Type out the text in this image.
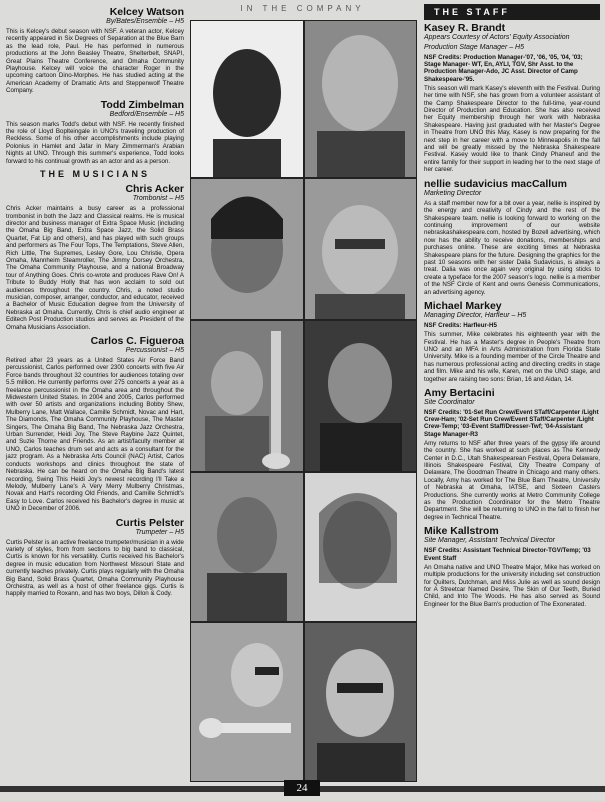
IN THE COMPANY	THE STAFF

Kelcey Watson

By/Bates/Ensemble – H5

This is Kelcey's debut season with NSF. A veteran actor, Kelcey recently appeared in Six Degrees of Separation at the Blue Barn as the lead role, Paul. He has performed in numerous productions at the John Beasley Theatre, Shelterbelt, SNAPI, Great Plains Theatre Conference, and Omaha Community Playhouse. Kelcey will voice the character Roger in the upcoming cartoon Dino-Morphes. He has studied acting at the American Academy of Dramatic Arts and Steppenwolf Theatre Company.

Todd Zimbelman

Bedford/Ensemble – H5

This season marks Todd's debut with NSF. He recently finished the role of Lloyd Boplteingale in UNO's traveling production of Reckless. Some of his other accomplishments include playing Polonius in Hamlet and Jafar in Mary Zimmerman's Arabian Nights at UNO. Through this summer's experience, Todd looks forward to his continual growth as an actor and as a person.

THE MUSICIANS

Chris Acker

Trombonist – H5

Chris Acker maintains a busy career as a professional trombonist in both the Jazz and Classical realms. He is musical director and business manager of Extra Space Music (including the Omaha Big Band, Extra Space Jazz, the Solid Brass Quartet, Fat Lip and others), and has played with such groups and performers as The Four Tops, The Temptations, Steve Allen, Rich Little, The Supremes, Lesley Gore, Lou Christie, Opera Omaha, Mannheim Steamroller, The Jimmy Dorsey Orchestra, The Omaha Community Playhouse, and a national Broadway tour of Anything Goes. Chris co-wrote and produces Rave On! A Tribute to Buddy Holly that has won acclaim to sold out audiences throughout the country. Chris, a noted studio musician, composer, arranger, conductor, and educator, received a Bachelor of Music Education degree from the University of Nebraska at Omaha. Currently, Chris is chief audio engineer at Editech Post Production studios and serves as President of the Omaha Musicians Association.

Carlos C. Figueroa

Percussionist – H5

Retired after 23 years as a United States Air Force Band percussionist, Carlos performed over 2300 concerts with five Air Force bands throughout 32 countries for audiences totaling over 5.5 million. He currently performs over 275 concerts a year as a freelance percussionist in the Omaha area and throughout the Midwestern United States. In 2004 and 2005, Carlos performed with over 50 artists and organizations including Bobby Shew, Mulberry Lane, Matt Wallace, Camille Schmidt, Novac and Hart, The Diamonds, The Omaha Community Playhouse, The Master Singers, The Omaha Big Band, The Nebraska Jazz Orchestra, Urban Surrender, Heidi Joy, The Steve Raybine Jazz Quintet, and Suzie Thorne and Friends. As an artist/faculty member at UNO, Carlos teaches drum set and acts as a consultant for the jazz program. As a Nebraska Arts Council (NAC) Artist, Carlos conducts workshops and clinics throughout the state of Nebraska. He can be heard on the Omaha Big Band's latest recording, Swing This Heidi Joy's newest recording I'll Take a Melody, Mulberry Lane's A Very Merry Mulberry Christmas, Novak and Hart's recording Old Friends, and Camille Schmidt's Easy to Love. Carlos received his Bachelor's degree in music at UNO in December of 2006.

Curtis Pelster

Trumpeter – H5

Curtis Pelster is an active freelance trumpeter/musician in a wide variety of styles, from from sections to big band to classical, Curtis is known for his versatility. Curtis received his Bachelor's degree in music education from Northwest Missouri State and currently teaches privately. Curtis plays regularly with the Omaha Big Band, Solid Brass Quartet, Omaha Community Playhouse Orchestra, as well as a host of other freelance gigs. Curtis is happily married to Roxann, and has two boys, Dillon & Cody.

Kasey R. Brandt

Appears Courtesy of Actors' Equity Association

Production Stage Manager – H5

NSF Credits: Production Manager-'07, '06, '05, '04, '03; Stage Manager- WT, En, AYLI, TGV, Shr Asst. to the Production Manager-Ado, JC Asst. Director of Camp Shakespeare-'95.

This season will mark Kasey's eleventh with the Festival. During her time with NSF, she has grown from a volunteer assistant of the Camp Shakespeare Director to the full-time, year-round Director of Production and Education. She has also received her Equity membership through her work with Nebraska Shakespeare. Having just graduated with her Master's Degree in Theatre from UNO this May, Kasey is now preparing for the next step in her career with a move to Minneapolis in the fall and will be greatly missed by the Nebraska Shakespeare Festival. Kasey would like to thank Cindy Phaneuf and the entire family for their support in leading her to the next stage of her career.

nellie sudavicius macCallum

Marketing Director

As a staff member now for a bit over a year, nellie is inspired by the energy and creativity of Cindy and the rest of the Shakespeare team. nellie is looking forward to working on the continuing improvement of our website nebraskashakespeare.com, hosted by Bozell advertising, which now has the ability to receive donations, memberships and purchases online. These are exciting times at Nebraska Shakespeare plans for the future. Designing the graphics for the past 10 seasons with her sister Dalia Sudavicius, is always a treat. Dalia was once again very original by using sticks to create a typeface for the 2007 season's logo. nellie is a member of the NSF Circle of Kent and owns Genesis Communications, an advertising agency.

Michael Markey

Managing Director, Harfleur – H5

NSF Credits: Harfleur-H5

This summer, Mike celebrates his eighteenth year with the Festival. He has a Master's degree in People's Theatre from UNO and an MFA in Arts Administration from Florida State University. Mike is a founding member of the Circle Theatre and has numerous professional acting and directing credits in stage and film. Mike and his wife, Karen, met on the UNO stage, and together are raising two sons: Brian, 16 and Aidan, 14.

Amy Bertacini

Site Coordinator

NSF Credits: '01-Set Run Crew/Event STaff/Carpenter /Light Crew-Ham; '02-Set Run Crew/Event STaff/Carpenter /Light Crew-Temp; '03-Event Staff/Dresser-Twf; '04-Assistant Stage Manager-R3

Amy returns to NSF after three years of the gypsy life around the country. She has worked at such places as The Kennedy Center in D.C., Utah Shakespearean Festival, Opera Delaware, Illinois Shakespeare Festival, City Theatre Company of Delaware, The Goodman Theatre in Chicago and many others. Locally, Amy has worked for The Blue Barn Theatre, University of Nebraska at Omaha, IATSE, and Sixteen Casters Productions. She currently works at Metro Community College as the Production Coordinator for the Metro Theatre Department. She will be returning to UNO in the fall to finish her degree in Technical Theatre.

Mike Kallstrom

Site Manager, Assistant Technical Director

NSF Credits: Assistant Technical Director-TGV/Temp; '03 Event Staff

An Omaha native and UNO Theatre Major, Mike has worked on multiple productions for the university including set construction for Quilters, Dutchman, and Miss Julie as well as sound design for A Streetcar Named Desire, The Skin of Our Teeth, Buried Child, and Into The Woods. He has also served as Sound Engineer for the Blue Barn's production of The Exonerated.

24
